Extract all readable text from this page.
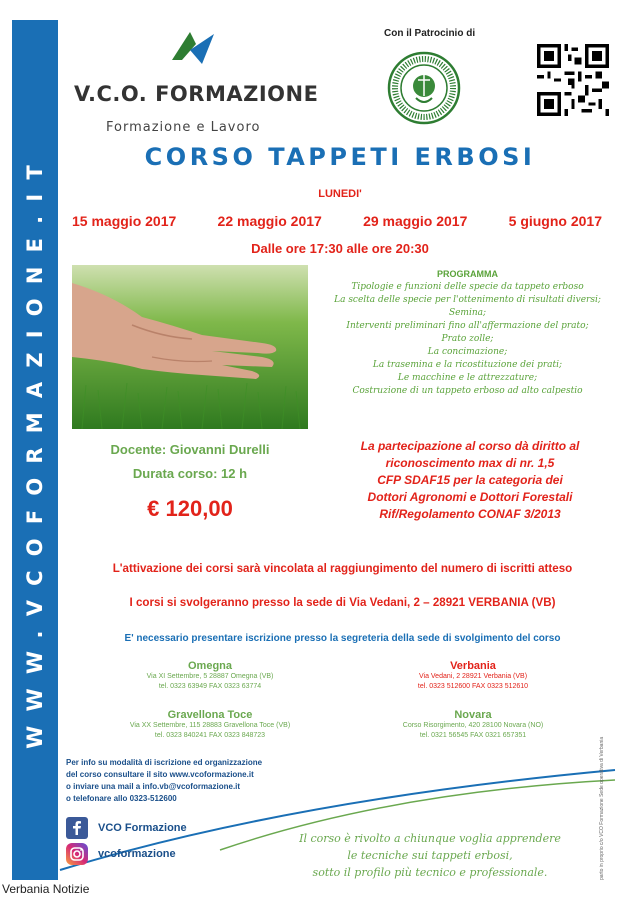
WWW.VCOFORMAZIONE.IT
V.C.O. FORMAZIONE
Formazione e Lavoro
Con il Patrocinio di
CORSO TAPPETI ERBOSI
LUNEDI'
15 maggio 2017	22 maggio 2017	29 maggio 2017	5 giugno 2017
Dalle ore 17:30 alle ore 20:30
PROGRAMMA
Tipologie e funzioni delle specie da tappeto erboso
La scelta delle specie per l'ottenimento di risultati diversi;
Semina;
Interventi preliminari fino all'affermazione del prato;
Prato zolle;
La concimazione;
La trasemina e la ricostituzione dei prati;
Le macchine e le attrezzature;
Costruzione di un tappeto erboso ad alto calpestio
Docente: Giovanni Durelli
Durata corso: 12 h
€ 120,00
La partecipazione al corso dà diritto al
riconoscimento max di nr. 1,5
CFP SDAF15 per la categoria dei
Dottori Agronomi e Dottori Forestali
Rif/Regolamento CONAF 3/2013
L'attivazione dei corsi sarà vincolata al raggiungimento del numero di iscritti atteso
I corsi si svolgeranno presso la sede di Via Vedani, 2 – 28921 VERBANIA (VB)
E' necessario presentare iscrizione presso la segreteria della sede di svolgimento del corso
Omegna
Via XI Settembre, 5 28887 Omegna (VB)
tel. 0323 63949 FAX 0323 63774
Verbania
Via Vedani, 2 28921 Verbania (VB)
tel. 0323 512600 FAX 0323 512610
Gravellona Toce
Via XX Settembre, 115 28883 Gravellona Toce (VB)
tel. 0323 840241 FAX 0323 848723
Novara
Corso Risorgimento, 420 28100 Novara (NO)
tel. 0321 56545 FAX 0321 657351
Per info su modalità di iscrizione ed organizzazione
del corso consultare il sito www.vcoformazione.it
o inviare una mail a info.vb@vcoformazione.it
o telefonare allo 0323-512600
VCO Formazione
vcoformazione
Il corso è rivolto a chiunque voglia apprendere
le tecniche sui tappeti erbosi,
sotto il profilo più tecnico e professionale.	parto in proprio c/o VCO Formazione Sede operativa di Verbania
Verbania Notizie
